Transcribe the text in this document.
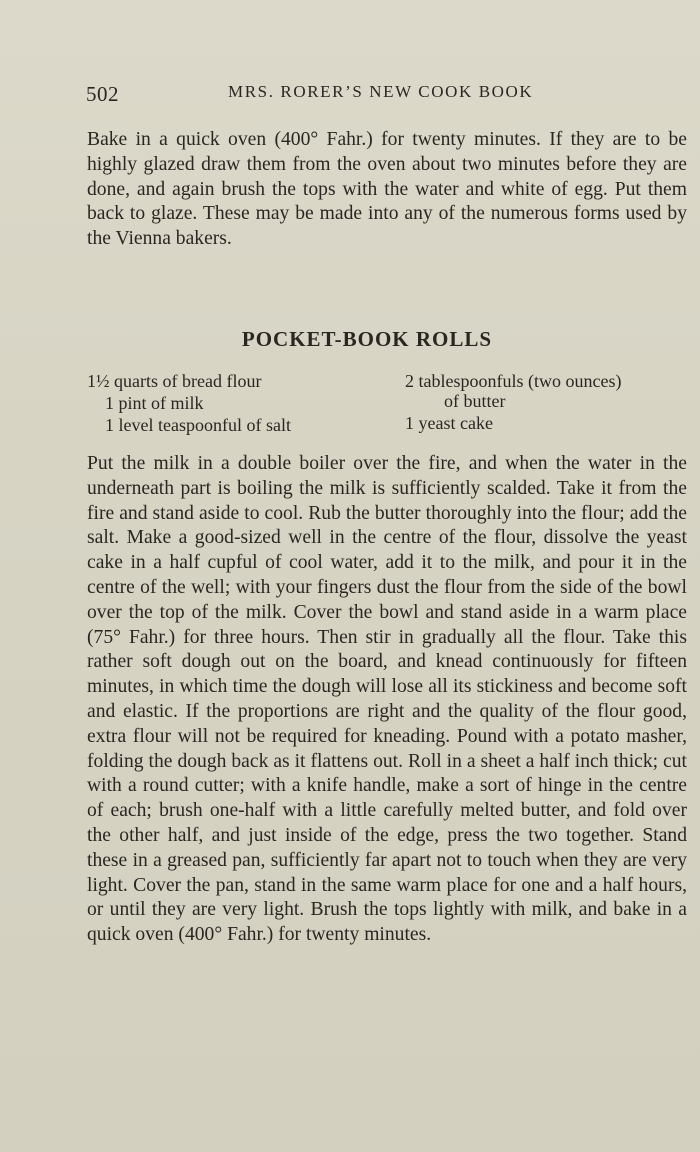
502	MRS. RORER’S NEW COOK BOOK

Bake in a quick oven (400° Fahr.) for twenty minutes. If they are to be highly glazed draw them from the oven about two minutes before they are done, and again brush the tops with the water and white of egg. Put them back to glaze. These may be made into any of the numerous forms used by the Vienna bakers.

POCKET-BOOK ROLLS
1½ quarts of bread flour
1 pint of milk
1 level teaspoonful of salt
2 tablespoonfuls (two ounces)
of butter
1 yeast cake

Put the milk in a double boiler over the fire, and when the water in the underneath part is boiling the milk is sufficiently scalded. Take it from the fire and stand aside to cool. Rub the butter thoroughly into the flour; add the salt. Make a good-sized well in the centre of the flour, dissolve the yeast cake in a half cupful of cool water, add it to the milk, and pour it in the centre of the well; with your fingers dust the flour from the side of the bowl over the top of the milk. Cover the bowl and stand aside in a warm place (75° Fahr.) for three hours. Then stir in gradually all the flour. Take this rather soft dough out on the board, and knead continuously for fifteen minutes, in which time the dough will lose all its stickiness and become soft and elastic. If the proportions are right and the quality of the flour good, extra flour will not be required for kneading. Pound with a potato masher, folding the dough back as it flattens out. Roll in a sheet a half inch thick; cut with a round cutter; with a knife handle, make a sort of hinge in the centre of each; brush one-half with a little carefully melted butter, and fold over the other half, and just inside of the edge, press the two together. Stand these in a greased pan, sufficiently far apart not to touch when they are very light. Cover the pan, stand in the same warm place for one and a half hours, or until they are very light. Brush the tops lightly with milk, and bake in a quick oven (400° Fahr.) for twenty minutes.
